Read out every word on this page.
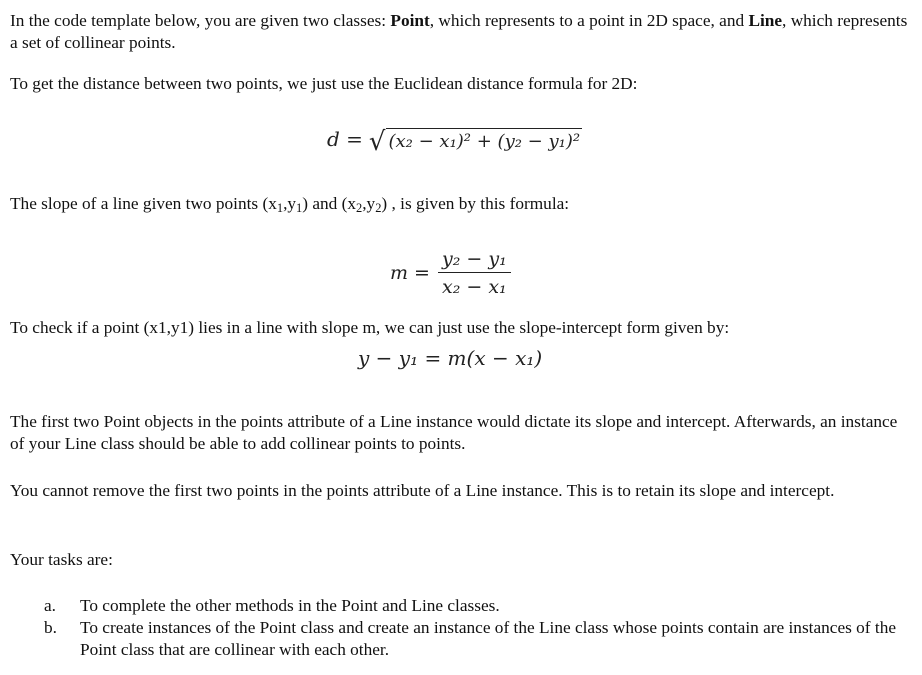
In the code template below, you are given two classes: Point, which represents to a point in 2D space, and Line, which represents a set of collinear points.

To get the distance between two points, we just use the Euclidean distance formula for 2D:

d = √ (x₂ − x₁)² + (y₂ − y₁)²

The slope of a line given two points $(x_1,y_1)$ and $(x_2,y_2)$ , is given by this formula:

$m = \frac{\text{y₂ − y₁}}{\text{x₂ − x₁}}$

To check if a point (x1,y1) lies in a line with slope m, we can just use the slope-intercept form given by:

y − y₁ = m(x − x₁)

The first two Point objects in the points attribute of a Line instance would dictate its slope and intercept. Afterwards, an instance of your Line class should be able to add collinear points to points.

You cannot remove the first two points in the points attribute of a Line instance. This is to retain its slope and intercept.

Your tasks are:

a.	To complete the other methods in the Point and Line classes.
b.	To create instances of the Point class and create an instance of the Line class whose points contain are instances of the Point class that are collinear with each other.
